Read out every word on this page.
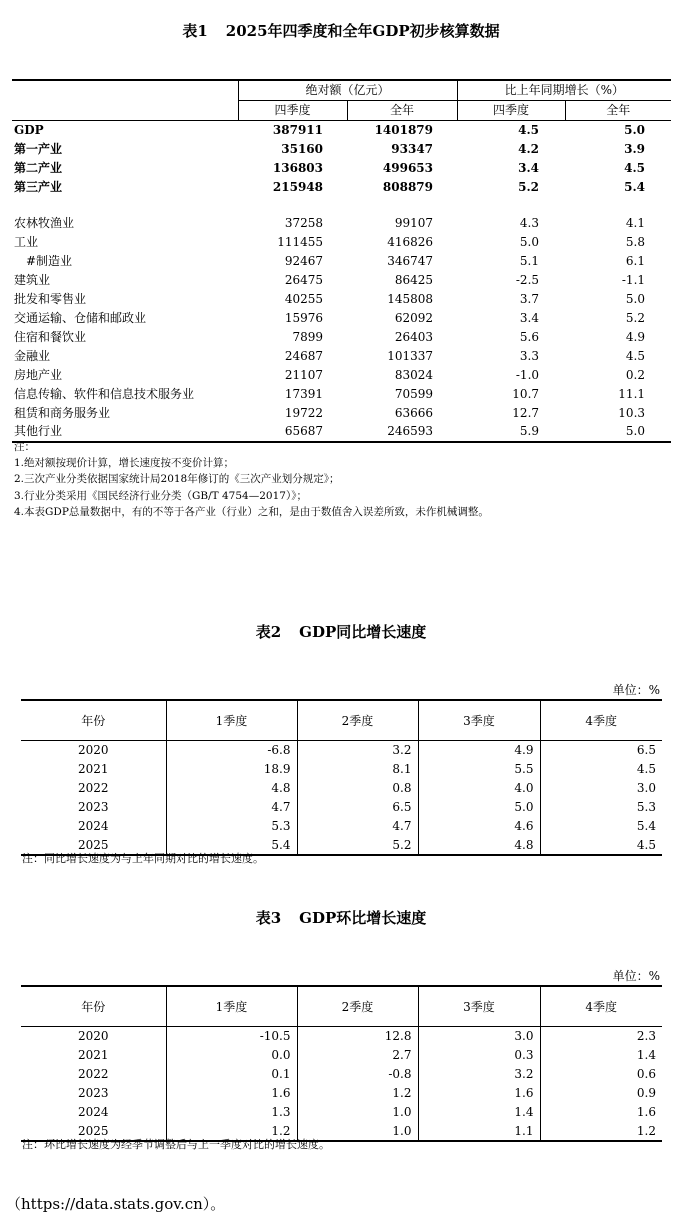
表1 2025年四季度和全年GDP初步核算数据
	绝对额（亿元）		比上年同期增长（%）	
	四季度	全年	四季度	全年
GDP	387911	1401879	4.5	5.0
第一产业	35160	93347	4.2	3.9
第二产业	136803	499653	3.4	4.5
第三产业	215948	808879	5.2	5.4

农林牧渔业	37258	99107	4.3	4.1
工业	111455	416826	5.0	5.8
#制造业	92467	346747	5.1	6.1
建筑业	26475	86425	-2.5	-1.1
批发和零售业	40255	145808	3.7	5.0
交通运输、仓储和邮政业	15976	62092	3.4	5.2
住宿和餐饮业	7899	26403	5.6	4.9
金融业	24687	101337	3.3	4.5
房地产业	21107	83024	-1.0	0.2
信息传输、软件和信息技术服务业	17391	70599	10.7	11.1
租赁和商务服务业	19722	63666	12.7	10.3
其他行业	65687	246593	5.9	5.0
注：
1.绝对额按现价计算，增长速度按不变价计算；
2.三次产业分类依据国家统计局2018年修订的《三次产业划分规定》；
3.行业分类采用《国民经济行业分类（GB/T 4754—2017）》；
4.本表GDP总量数据中，有的不等于各产业（行业）之和，是由于数值舍入误差所致，未作机械调整。
表2 GDP同比增长速度
单位：%
年份	1季度	2季度	3季度	4季度
2020	-6.8	3.2	4.9	6.5
2021	18.9	8.1	5.5	4.5
2022	4.8	0.8	4.0	3.0
2023	4.7	6.5	5.0	5.3
2024	5.3	4.7	4.6	5.4
2025	5.4	5.2	4.8	4.5
注：同比增长速度为与上年同期对比的增长速度。
表3 GDP环比增长速度
单位：%
年份	1季度	2季度	3季度	4季度
2020	-10.5	12.8	3.0	2.3
2021	0.0	2.7	0.3	1.4
2022	0.1	-0.8	3.2	0.6
2023	1.6	1.2	1.6	0.9
2024	1.3	1.0	1.4	1.6
2025	1.2	1.0	1.1	1.2
注：环比增长速度为经季节调整后与上一季度对比的增长速度。
（https://data.stats.gov.cn）。
